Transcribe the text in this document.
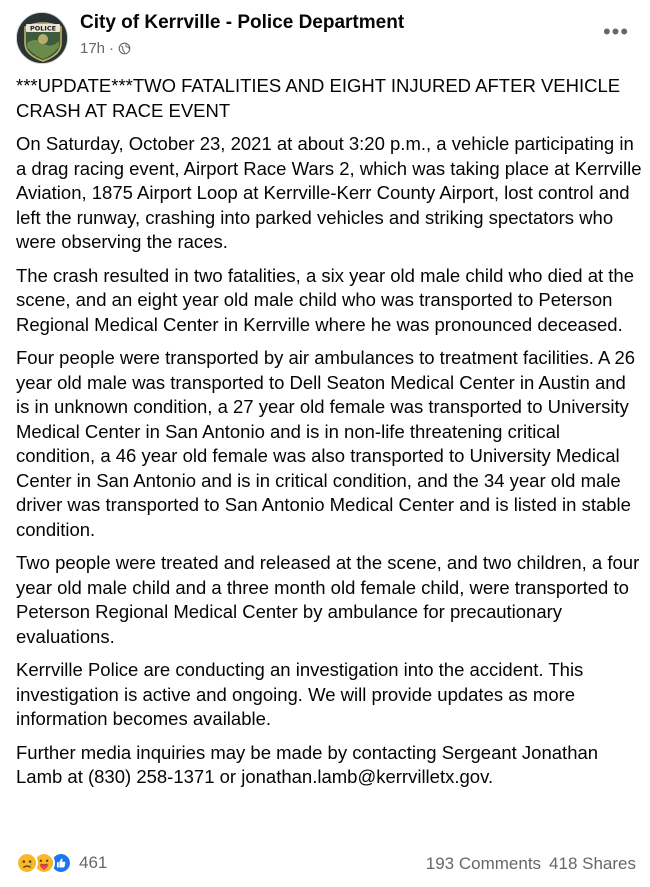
POLICE City of Kerrville - Police Department
17h ·
•••

***UPDATE***TWO FATALITIES AND EIGHT INJURED AFTER VEHICLE CRASH AT RACE EVENT

On Saturday, October 23, 2021 at about 3:20 p.m., a vehicle participating in a drag racing event, Airport Race Wars 2, which was taking place at Kerrville Aviation, 1875 Airport Loop at Kerrville-Kerr County Airport, lost control and left the runway, crashing into parked vehicles and striking spectators who were observing the races.

The crash resulted in two fatalities, a six year old male child who died at the scene, and an eight year old male child who was transported to Peterson Regional Medical Center in Kerrville where he was pronounced deceased.

Four people were transported by air ambulances to treatment facilities. A 26 year old male was transported to Dell Seaton Medical Center in Austin and is in unknown condition, a 27 year old female was transported to University Medical Center in San Antonio and is in non-life threatening critical condition, a 46 year old female was also transported to University Medical Center in San Antonio and is in critical condition, and the 34 year old male driver was transported to San Antonio Medical Center and is listed in stable condition.

Two people were treated and released at the scene, and two children, a four year old male child and a three month old female child, were transported to Peterson Regional Medical Center by ambulance for precautionary evaluations.

Kerrville Police are conducting an investigation into the accident. This investigation is active and ongoing. We will provide updates as more information becomes available.

Further media inquiries may be made by contacting Sergeant Jonathan Lamb at (830) 258-1371 or jonathan.lamb@kerrvilletx.gov.

461	193 Comments 418 Shares
